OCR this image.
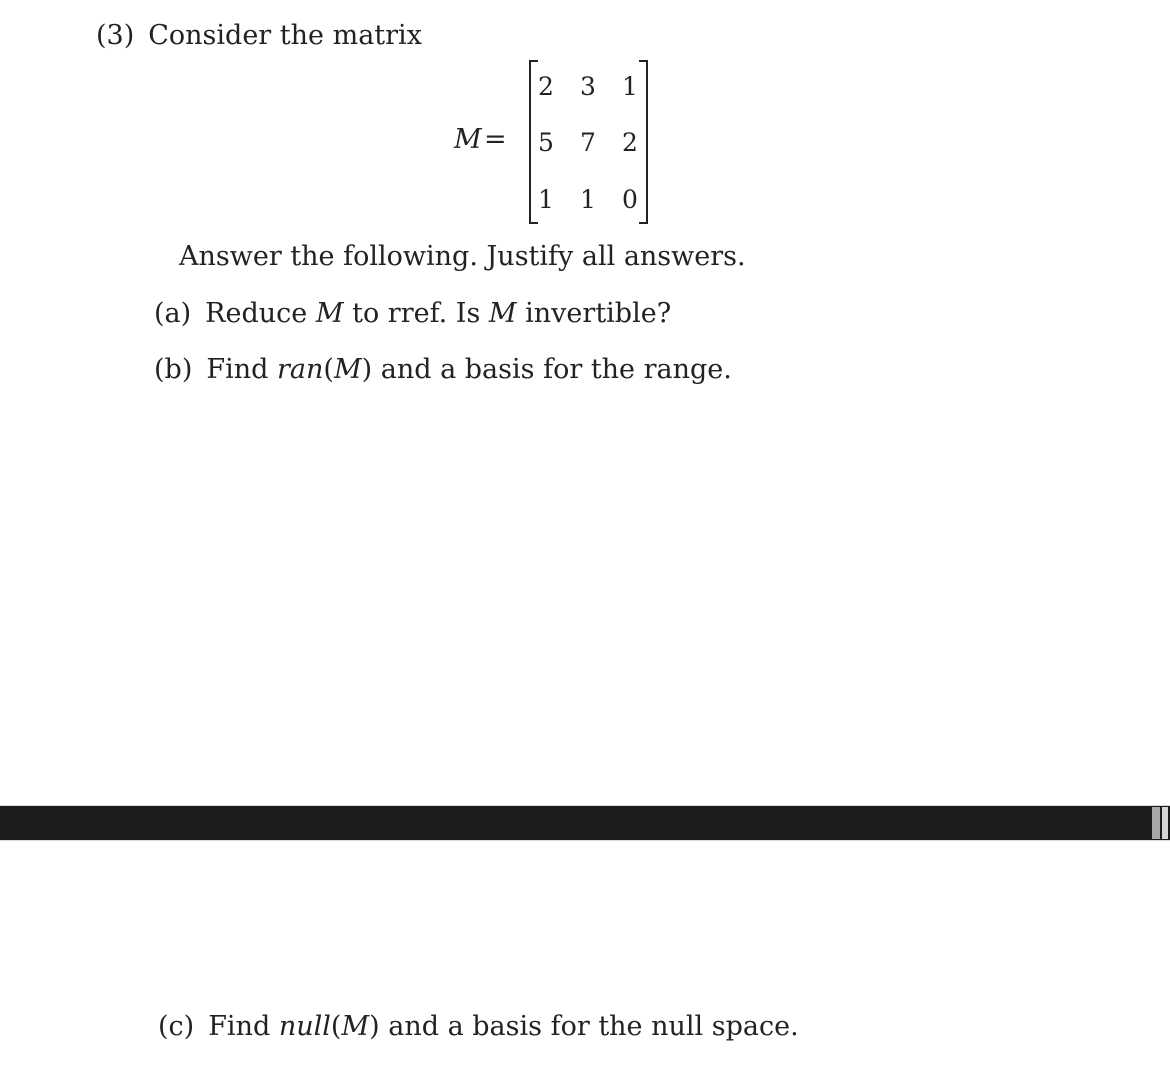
(3) Consider the matrix
M =
2 3 1
5 7 2
1 1 0
Answer the following. Justify all answers.
(a) Reduce M to rref. Is M invertible?
(b) Find ran(M) and a basis for the range.
(c) Find null(M) and a basis for the null space.
